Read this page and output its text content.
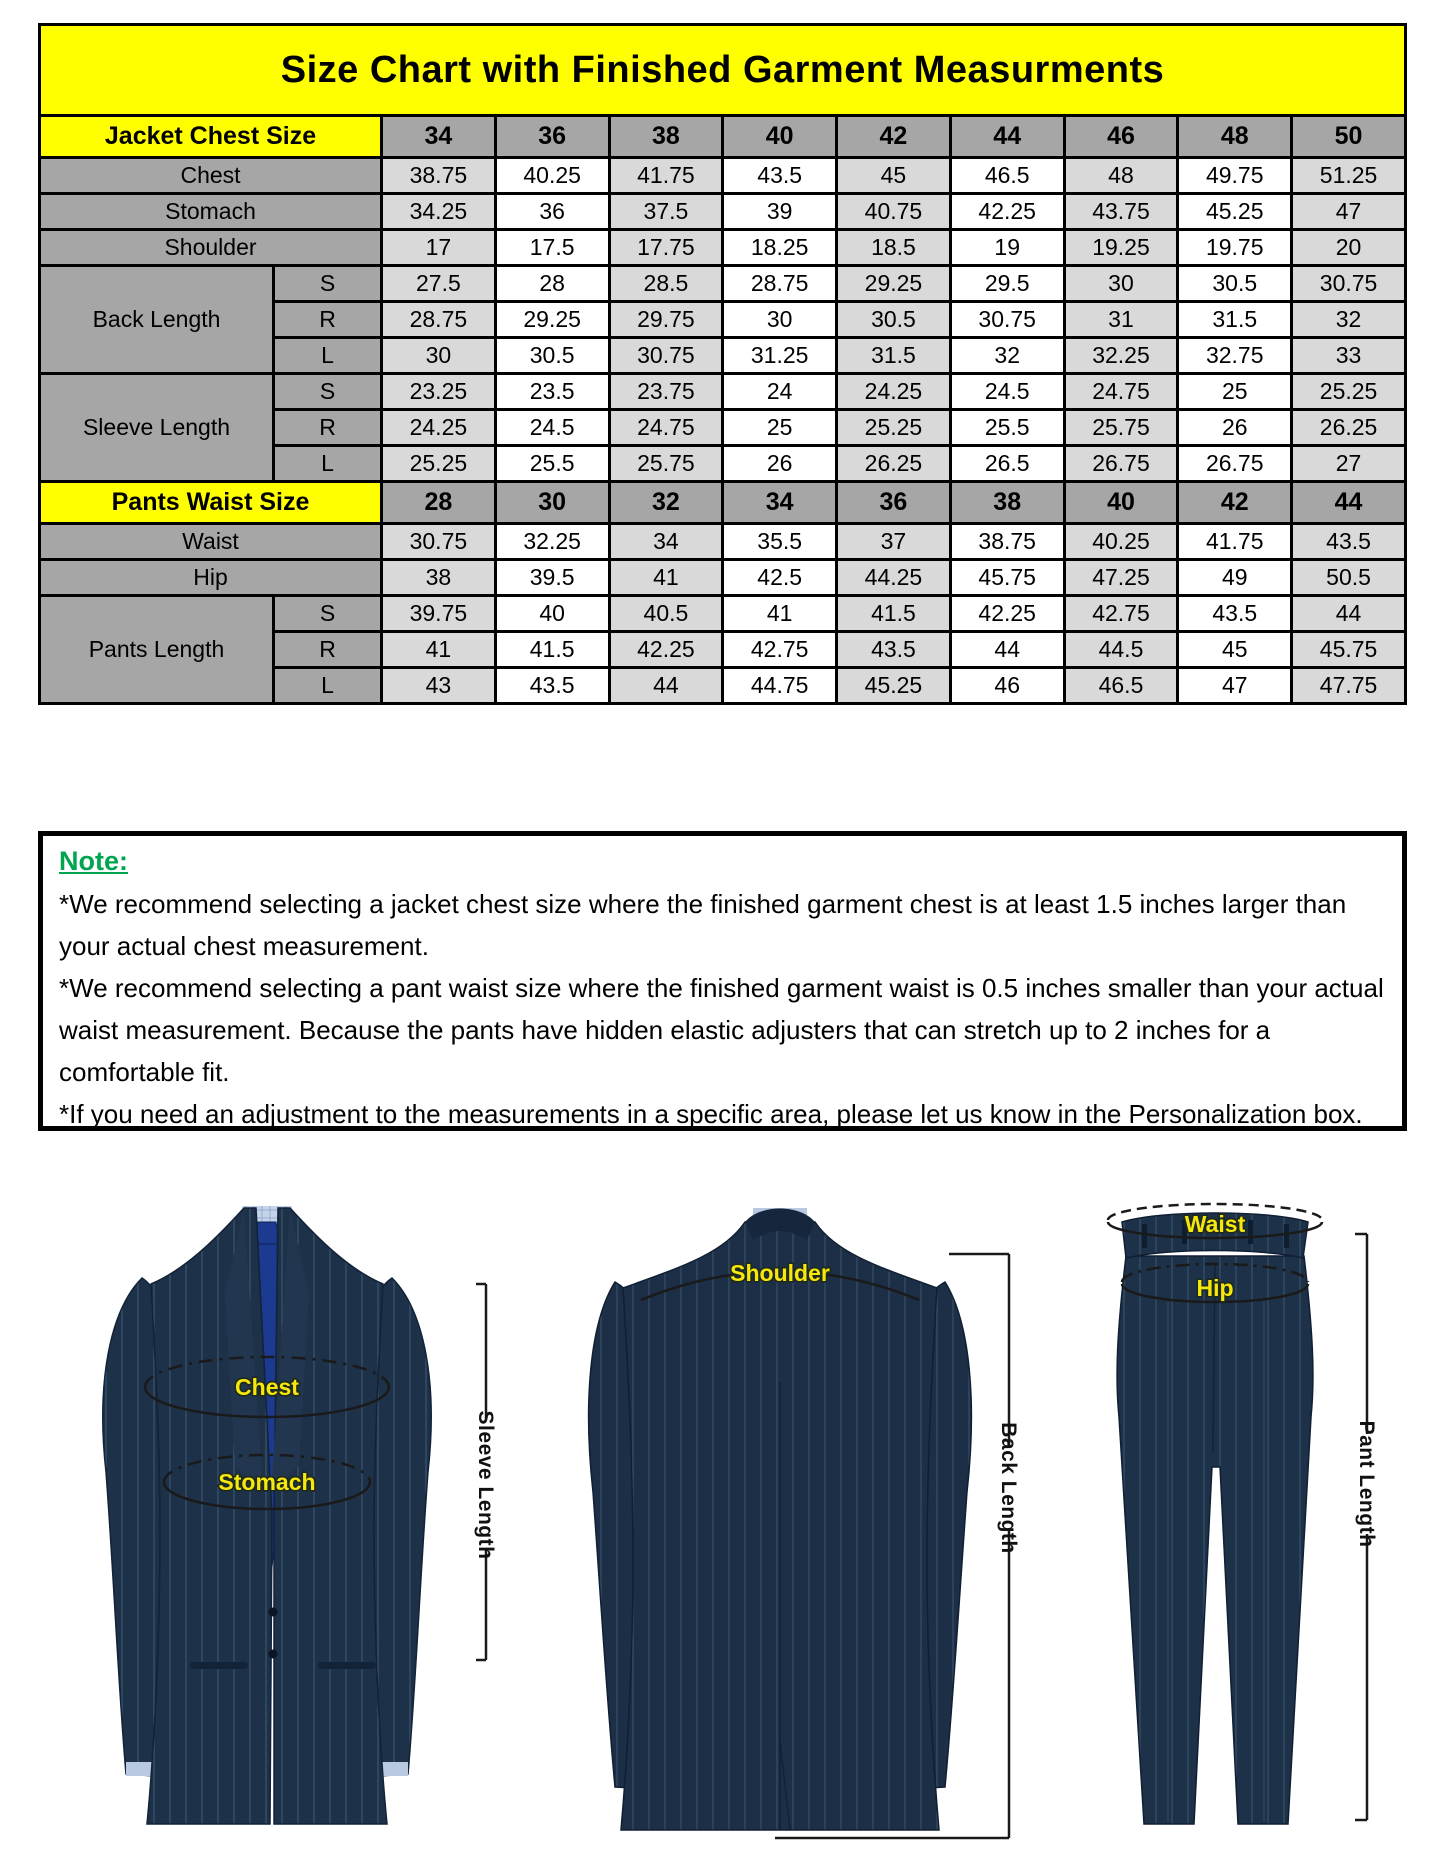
Size Chart with Finished Garment Measurments
Jacket Chest Size		34	36	38	40	42	44	46	48	50
Chest		38.75	40.25	41.75	43.5	45	46.5	48	49.75	51.25
Stomach		34.25	36	37.5	39	40.75	42.25	43.75	45.25	47
Shoulder		17	17.5	17.75	18.25	18.5	19	19.25	19.75	20
Back Length	S	27.5	28	28.5	28.75	29.25	29.5	30	30.5	30.75
	R	28.75	29.25	29.75	30	30.5	30.75	31	31.5	32
	L	30	30.5	30.75	31.25	31.5	32	32.25	32.75	33
Sleeve Length	S	23.25	23.5	23.75	24	24.25	24.5	24.75	25	25.25
	R	24.25	24.5	24.75	25	25.25	25.5	25.75	26	26.25
	L	25.25	25.5	25.75	26	26.25	26.5	26.75	26.75	27
Pants Waist Size		28	30	32	34	36	38	40	42	44
Waist		30.75	32.25	34	35.5	37	38.75	40.25	41.75	43.5
Hip		38	39.5	41	42.5	44.25	45.75	47.25	49	50.5
Pants Length	S	39.75	40	40.5	41	41.5	42.25	42.75	43.5	44
	R	41	41.5	42.25	42.75	43.5	44	44.5	45	45.75
	L	43	43.5	44	44.75	45.25	46	46.5	47	47.75
Note:

*We recommend selecting a jacket chest size where the finished garment chest is at least 1.5 inches larger than your actual chest measurement.

*We recommend selecting a pant waist size where the finished garment waist is 0.5 inches smaller than your actual waist measurement. Because the pants have hidden elastic adjusters that can stretch up to 2 inches for a comfortable fit.

*If you need an adjustment to the measurements in a specific area, please let us know in the Personalization box.

Chest
Stomach	Sleeve Length
Shoulder
Back Length
Waist
Hip
Pant Length
